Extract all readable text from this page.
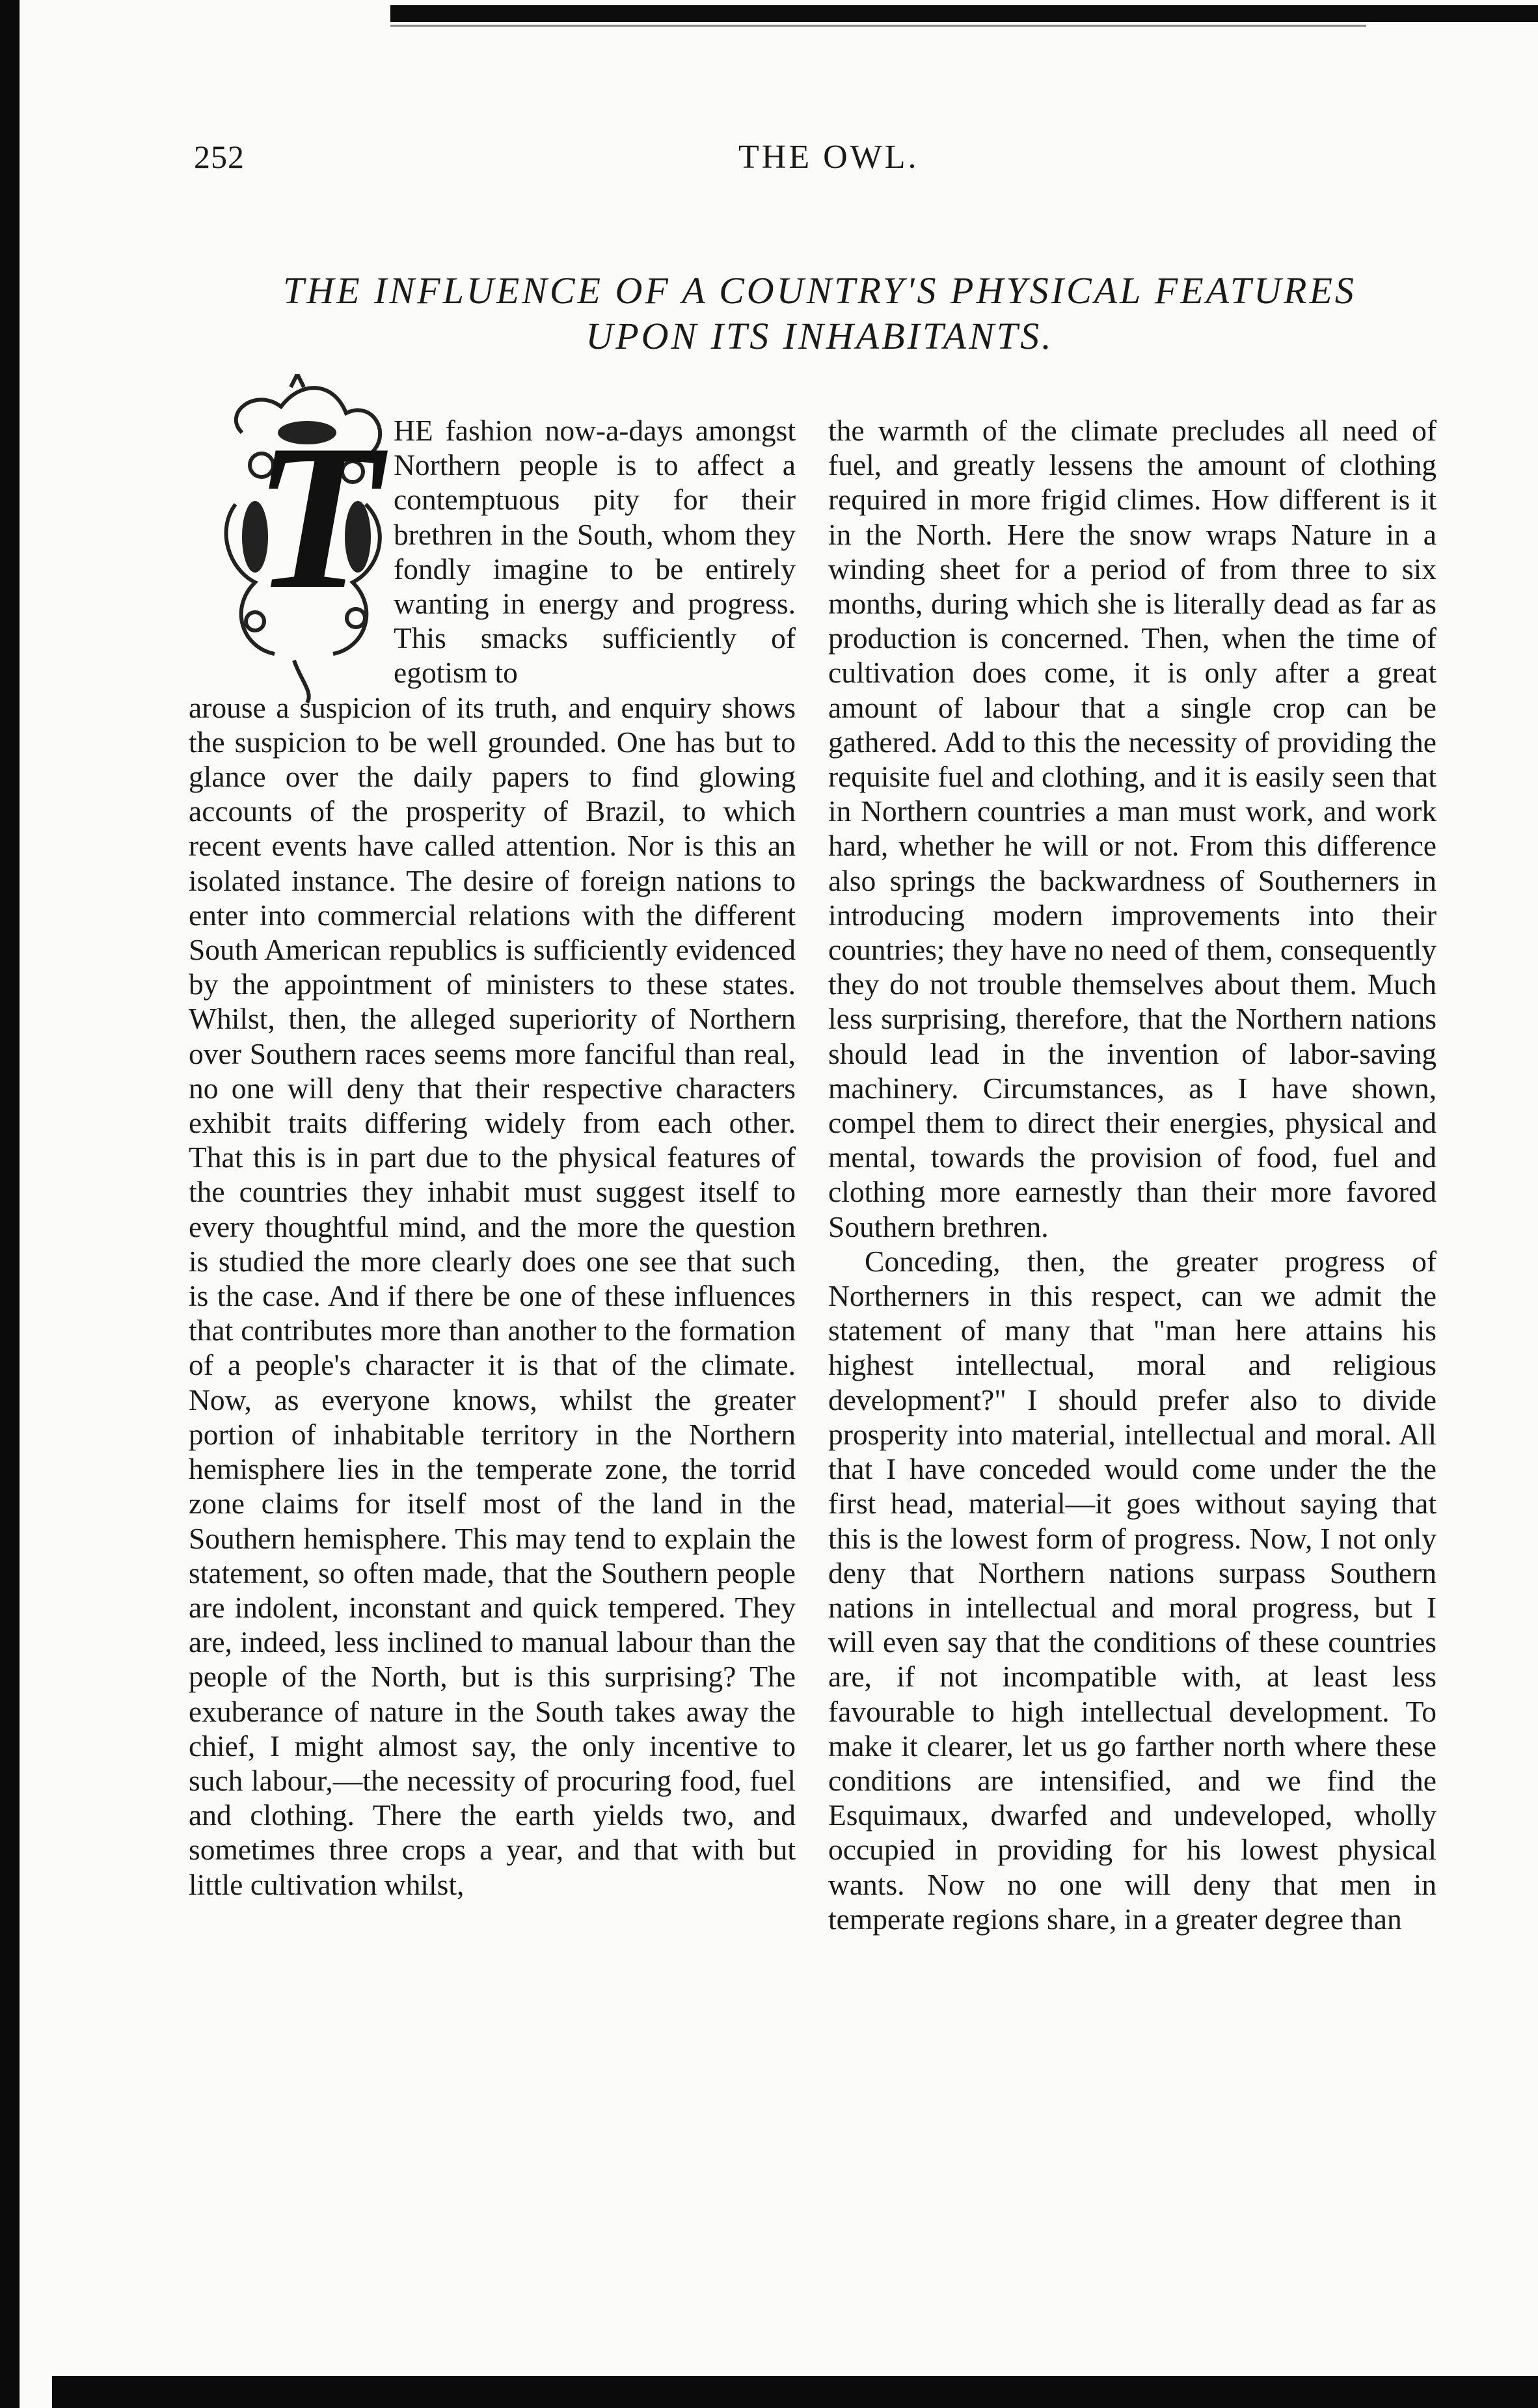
252	THE OWL.
THE INFLUENCE OF A COUNTRY'S PHYSICAL FEATURES
UPON ITS INHABITANTS.
T HE fashion now-a-days amongst Northern people is to affect a contemptuous pity for their brethren in the South, whom they fondly imagine to be entirely wanting in energy and progress. This smacks sufficiently of egotism to

arouse a suspicion of its truth, and enquiry shows the suspicion to be well grounded. One has but to glance over the daily papers to find glowing accounts of the prosperity of Brazil, to which recent events have called attention. Nor is this an isolated instance. The desire of foreign nations to enter into commercial relations with the different South American republics is sufficiently evidenced by the appointment of ministers to these states. Whilst, then, the alleged superiority of Northern over Southern races seems more fanciful than real, no one will deny that their respective characters exhibit traits differing widely from each other. That this is in part due to the physical features of the countries they inhabit must suggest itself to every thoughtful mind, and the more the question is studied the more clearly does one see that such is the case. And if there be one of these influences that contributes more than another to the formation of a people's character it is that of the climate. Now, as everyone knows, whilst the greater portion of inhabitable territory in the Northern hemisphere lies in the temperate zone, the torrid zone claims for itself most of the land in the Southern hemisphere. This may tend to explain the statement, so often made, that the Southern people are indolent, inconstant and quick tempered. They are, indeed, less inclined to manual labour than the people of the North, but is this surprising? The exuberance of nature in the South takes away the chief, I might almost say, the only incentive to such labour,—the necessity of procuring food, fuel and clothing. There the earth yields two, and sometimes three crops a year, and that with but little cultivation whilst,

the warmth of the climate precludes all need of fuel, and greatly lessens the amount of clothing required in more frigid climes. How different is it in the North. Here the snow wraps Nature in a winding sheet for a period of from three to six months, during which she is literally dead as far as production is concerned. Then, when the time of cultivation does come, it is only after a great amount of labour that a single crop can be gathered. Add to this the necessity of providing the requisite fuel and clothing, and it is easily seen that in Northern countries a man must work, and work hard, whether he will or not. From this difference also springs the backwardness of Southerners in introducing modern improvements into their countries; they have no need of them, consequently they do not trouble themselves about them. Much less surprising, therefore, that the Northern nations should lead in the invention of labor-saving machinery. Circumstances, as I have shown, compel them to direct their energies, physical and mental, towards the provision of food, fuel and clothing more earnestly than their more favored Southern brethren.

Conceding, then, the greater progress of Northerners in this respect, can we admit the statement of many that "man here attains his highest intellectual, moral and religious development?" I should prefer also to divide prosperity into material, intellectual and moral. All that I have conceded would come under the the first head, material—it goes without saying that this is the lowest form of progress. Now, I not only deny that Northern nations surpass Southern nations in intellectual and moral progress, but I will even say that the conditions of these countries are, if not incompatible with, at least less favourable to high intellectual development. To make it clearer, let us go farther north where these conditions are intensified, and we find the Esquimaux, dwarfed and undeveloped, wholly occupied in providing for his lowest physical wants. Now no one will deny that men in temperate regions share, in a greater degree than
